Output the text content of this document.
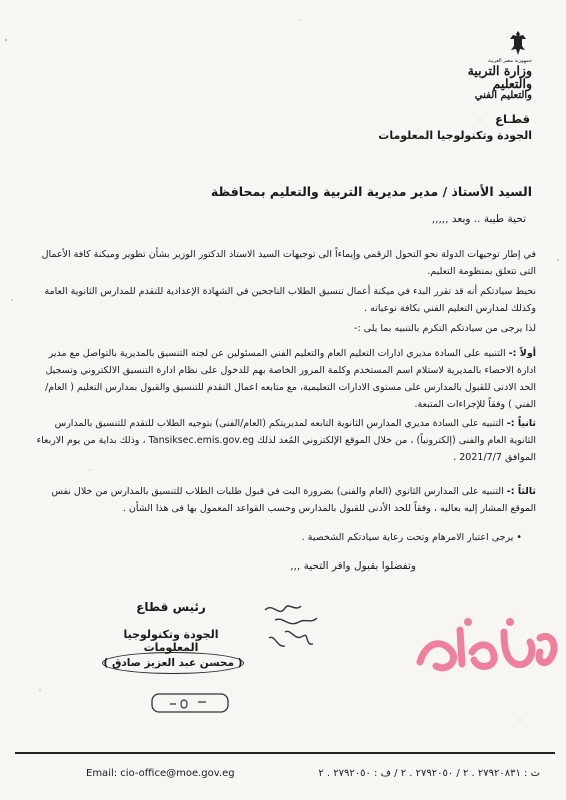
جمهورية مصر العربية
وزارة التربية والتعليم
والتعليم الفني
قطـاع
الجودة وتكنولوجيا المعلومات
السيد الأستاذ / مدير مديرية التربية والتعليم بمحافظة
تحية طيبة .. وبعد ,,,,,
في إطار توجيهات الدولة نحو التحول الرقمي وإيماءاً الى توجيهات السيد الاستاذ الدكتور الوزير بشأن تطوير وميكنة كافة الأعمال التى تتعلق بمنظومة التعليم.
نحيط سيادتكم أنه قد تقرر البدء في ميكنة أعمال تنسيق الطلاب الناجحين في الشهادة الإعدادية للتقدم للمدارس الثانوية العامة وكذلك لمدارس التعليم الفني بكافة نوعياته .
لذا يرجى من سيادتكم التكرم بالتنبيه بما يلى :-
أولاً :- التنبيه على السادة مديري ادارات التعليم العام والتعليم الفني المسئولين عن لجنه التنسيق بالمديرية بالتواصل مع مدير ادارة الاحصاء بالمديرية لاستلام اسم المستخدم وكلمة المرور الخاصة بهم للدخول على نظام ادارة التنسيق الالكتروني وتسجيل الحد الادنى للقبول بالمدارس على مستوى الادارات التعليمية، مع متابعه اعمال التقدم للتنسيق والقبول بمدارس التعليم ( العام/الفني ) وفقاً للإجراءات المتبعة.
ثانياً :- التنبيه على السادة مديري المدارس الثانوية التابعه لمديريتكم (العام/الفنى) بتوجيه الطلاب للتقدم للتنسيق بالمدارس الثانوية العام والفنى (إلكترونياً) ، من خلال الموقع الإلكتروني المُعد لذلك Tansiksec.emis.gov.eg ، وذلك بداية من يوم الاربعاء الموافق 2021/7/7 .
ثالثاً :- التنبيه على المدارس الثانوي (العام والفنى) بضرورة البت في قبول طلبات الطلاب للتنسيق بالمدارس من خلال نفس الموقع المشار إليه بعاليه ، وفقاً للحد الأدنى للقبول بالمدارس وحسب القواعد المعمول بها فى هذا الشأن .
• يرجى اعتبار الامرهام وتحت رعاية سيادتكم الشخصية .
وتفضلوا بقبول وافر التحية ,,,
رئيس قطاع
الجودة وتكنولوجيا المعلومات
( محسن عبد العزيز صادق )
Email: cio-office@moe.gov.eg	ت : ٢٧٩٢٠٨٣١ . ٢ / ٢٧٩٢٠٥٠ . ٢ / ف : ٢٧٩٢٠٥٠ . ٢
